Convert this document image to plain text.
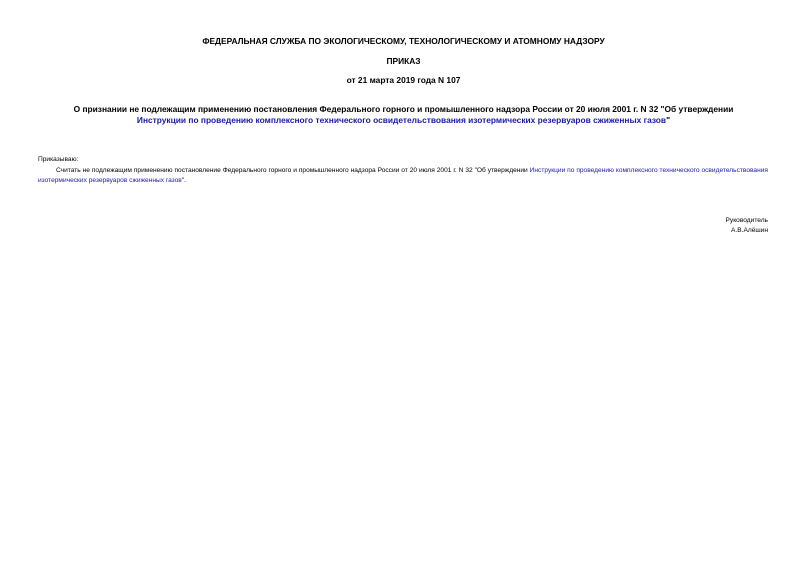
ФЕДЕРАЛЬНАЯ СЛУЖБА ПО ЭКОЛОГИЧЕСКОМУ, ТЕХНОЛОГИЧЕСКОМУ И АТОМНОМУ НАДЗОРУ
ПРИКАЗ
от 21 марта 2019 года N 107
О признании не подлежащим применению постановления Федерального горного и промышленного надзора России от 20 июля 2001 г. N 32 "Об утверждении
Инструкции по проведению комплексного технического освидетельствования изотермических резервуаров сжиженных газов"
Приказываю:
Считать не подлежащим применению постановление Федерального горного и промышленного надзора России от 20 июля 2001 г. N 32 "Об утверждении Инструкции по проведению комплексного технического освидетельствования изотермических резервуаров сжиженных газов".
Руководитель
А.В.Алёшин
